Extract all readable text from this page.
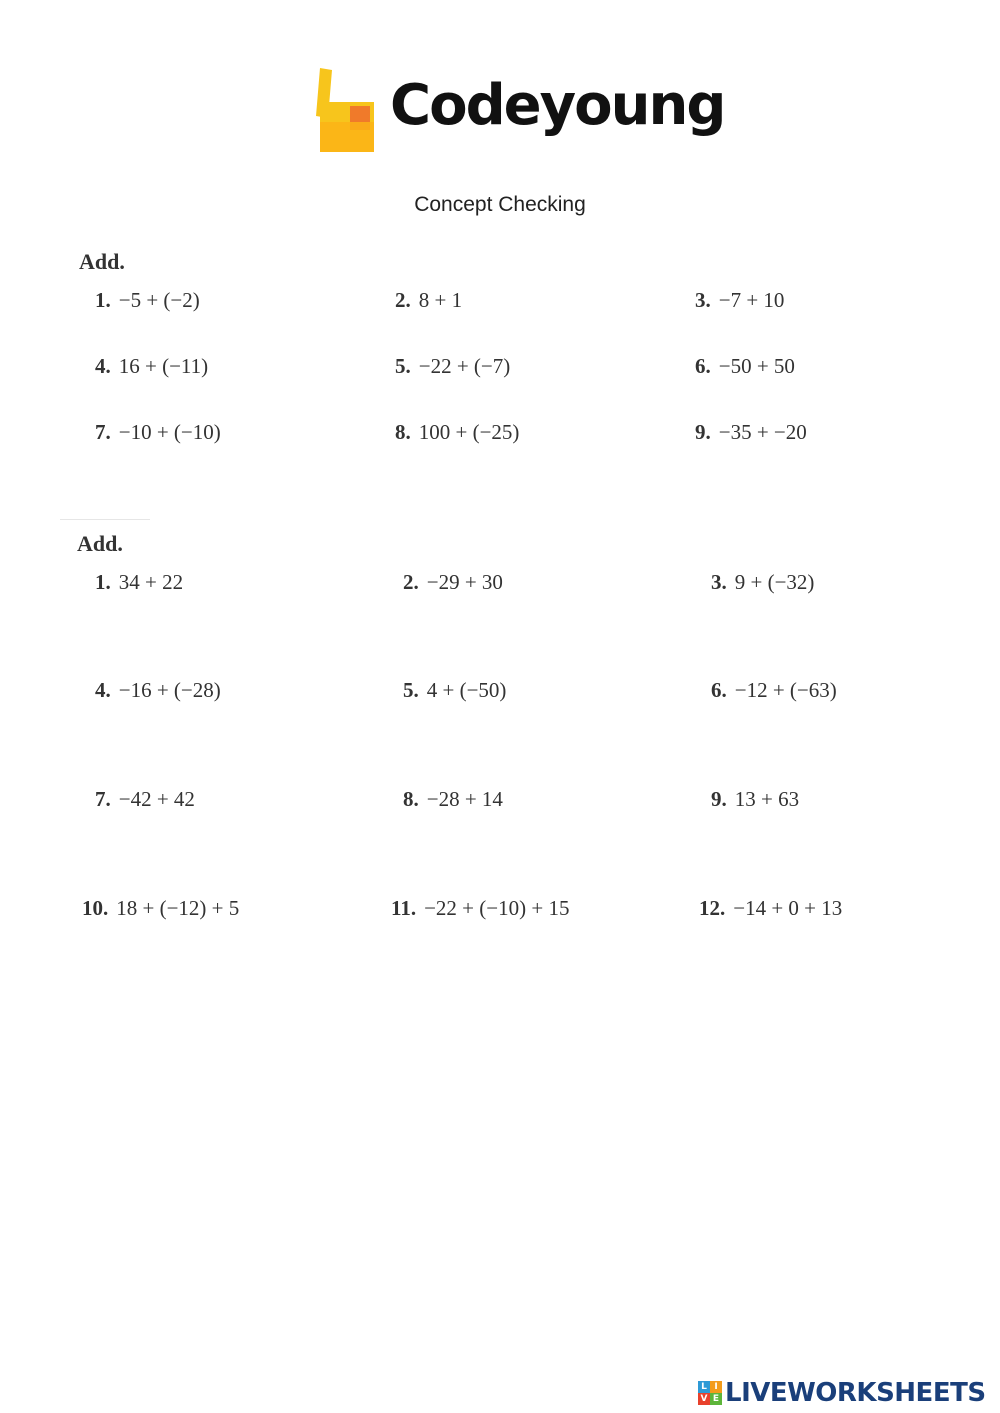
Codeyoung
Concept Checking
Add.
1. −5 + (−2)	2. 8 + 1	3. −7 + 10
4. 16 + (−11)	5. −22 + (−7)	6. −50 + 50
7. −10 + (−10)	8. 100 + (−25)	9. −35 + −20
Add.
1. 34 + 22	2. −29 + 30	3. 9 + (−32)
4. −16 + (−28)	5. 4 + (−50)	6. −12 + (−63)
7. −42 + 42	8. −28 + 14	9. 13 + 63
10. 18 + (−12) + 5	11. −22 + (−10) + 15	12. −14 + 0 + 13
L I
V E LIVEWORKSHEETS
